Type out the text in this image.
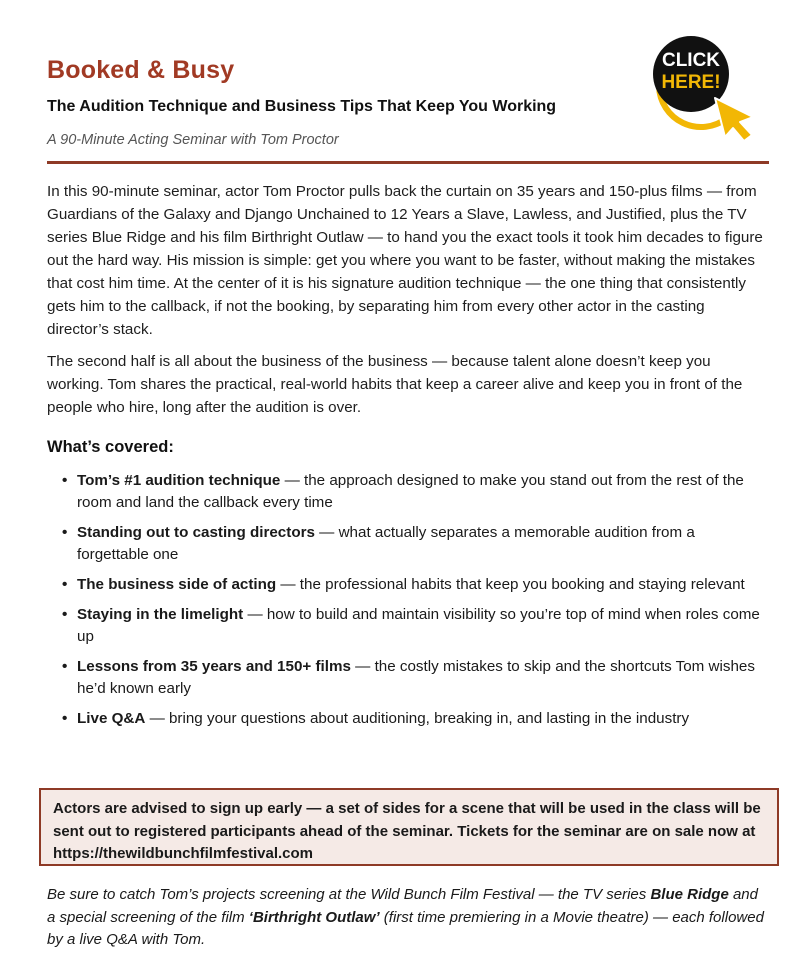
Booked & Busy
The Audition Technique and Business Tips That Keep You Working
A 90-Minute Acting Seminar with Tom Proctor
CLICK
HERE!

In this 90-minute seminar, actor Tom Proctor pulls back the curtain on 35 years and 150-plus films — from Guardians of the Galaxy and Django Unchained to 12 Years a Slave, Lawless, and Justified, plus the TV series Blue Ridge and his film Birthright Outlaw — to hand you the exact tools it took him decades to figure out the hard way. His mission is simple: get you where you want to be faster, without making the mistakes that cost him time. At the center of it is his signature audition technique — the one thing that consistently gets him to the callback, if not the booking, by separating him from every other actor in the casting director’s stack.

The second half is all about the business of the business — because talent alone doesn’t keep you working. Tom shares the practical, real-world habits that keep a career alive and keep you in front of the people who hire, long after the audition is over.

What’s covered:
• Tom’s #1 audition technique — the approach designed to make you stand out from the rest of the room and land the callback every time
• Standing out to casting directors — what actually separates a memorable audition from a forgettable one
• The business side of acting — the professional habits that keep you booking and staying relevant
• Staying in the limelight — how to build and maintain visibility so you’re top of mind when roles come up
• Lessons from 35 years and 150+ films — the costly mistakes to skip and the shortcuts Tom wishes he’d known early
• Live Q&A — bring your questions about auditioning, breaking in, and lasting in the industry
Actors are advised to sign up early — a set of sides for a scene that will be used in the class will be sent out to registered participants ahead of the seminar. Tickets for the seminar are on sale now at https://thewildbunchfilmfestival.com
Be sure to catch Tom’s projects screening at the Wild Bunch Film Festival — the TV series Blue Ridge and a special screening of the film ‘Birthright Outlaw’ (first time premiering in a Movie theatre) — each followed by a live Q&A with Tom.
